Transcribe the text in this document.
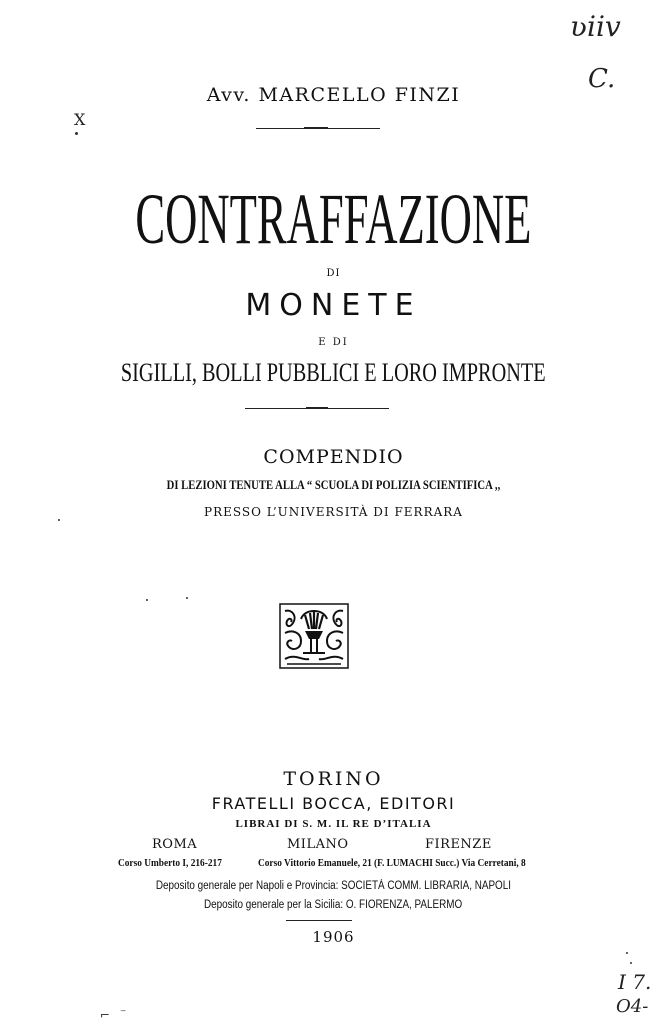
ʋiiv
C.
X
I 7.
O4-
⌐ ⁻
Avv. MARCELLO FINZI
CONTRAFFAZIONE
DI
MONETE
E DI
SIGILLI, BOLLI PUBBLICI E LORO IMPRONTE
COMPENDIO
DI LEZIONI TENUTE ALLA “ SCUOLA DI POLIZIA SCIENTIFICA ,,
PRESSO L’UNIVERSITÀ DI FERRARA
TORINO
FRATELLI BOCCA, EDITORI
LIBRAI DI S. M. IL RE D’ITALIA
ROMA	MILANO	FIRENZE
Corso Umberto I, 216-217	Corso Vittorio Emanuele, 21 (F. LUMACHI Succ.) Via Cerretani, 8
Deposito generale per Napoli e Provincia: SOCIETÀ COMM. LIBRARIA, NAPOLI
Deposito generale per la Sicilia: O. FIORENZA, PALERMO
1906
